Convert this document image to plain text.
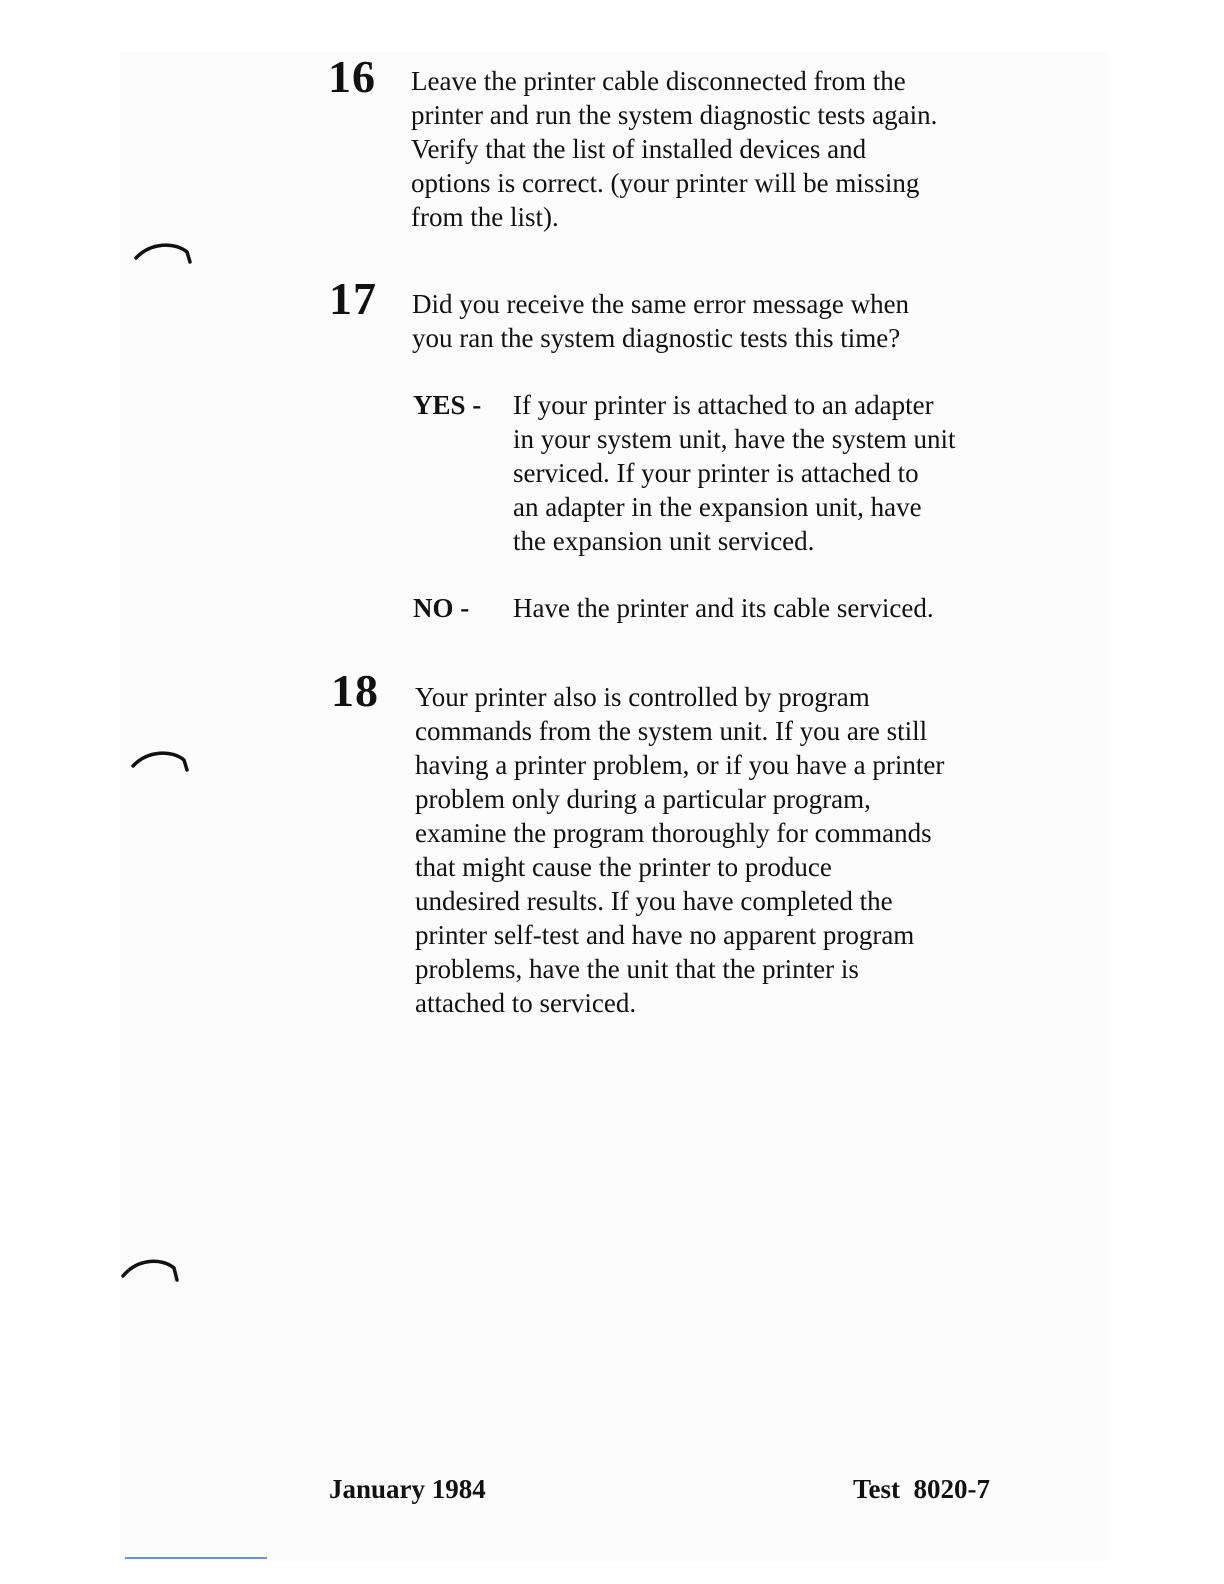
16 Leave the printer cable disconnected from the
printer and run the system diagnostic tests again.
Verify that the list of installed devices and
options is correct. (your printer will be missing
from the list).
17 Did you receive the same error message when
you ran the system diagnostic tests this time?
YES - If your printer is attached to an adapter
in your system unit, have the system unit
serviced. If your printer is attached to
an adapter in the expansion unit, have
the expansion unit serviced.
NO - Have the printer and its cable serviced.
18 Your printer also is controlled by program
commands from the system unit. If you are still
having a printer problem, or if you have a printer
problem only during a particular program,
examine the program thoroughly for commands
that might cause the printer to produce
undesired results. If you have completed the
printer self-test and have no apparent program
problems, have the unit that the printer is
attached to serviced.
January 1984	Test  8020-7
